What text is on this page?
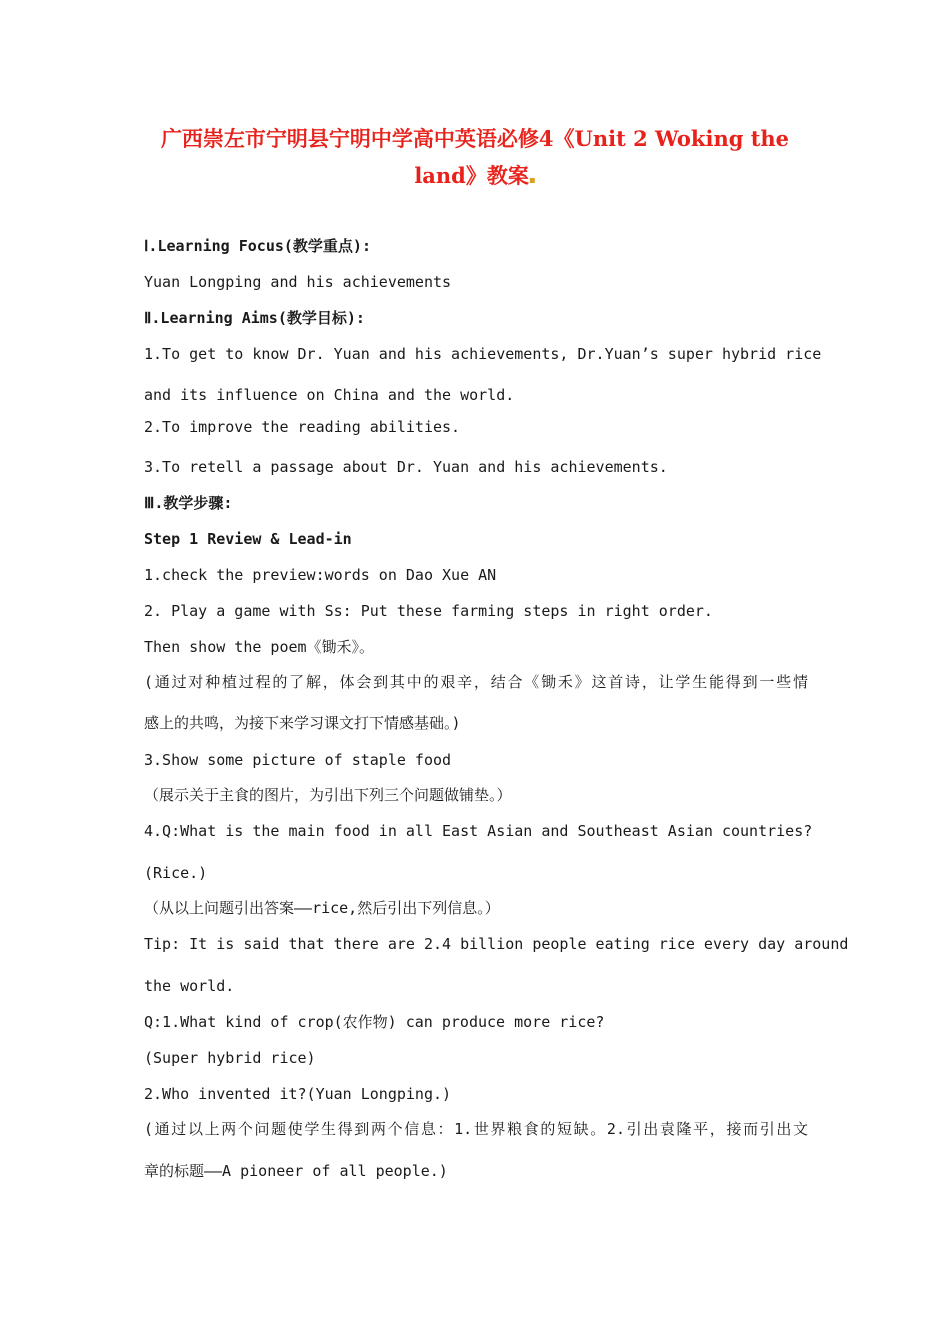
广西崇左市宁明县宁明中学高中英语必修4《Unit 2 Woking the
land》教案▪
Ⅰ.Learning Focus(教学重点):
Yuan Longping and his achievements
Ⅱ.Learning Aims(教学目标):
1.To get to know Dr. Yuan and his achievements, Dr.Yuan’s super hybrid rice
and its influence on China and the world.
2.To improve the reading abilities.
3.To retell a passage about Dr. Yuan and his achievements.
Ⅲ.教学步骤:
Step 1 Review & Lead-in
1.check the preview:words on Dao Xue AN
2. Play a game with Ss: Put these farming steps in right order.
Then show the poem《锄禾》。
(通过对种植过程的了解，体会到其中的艰辛，结合《锄禾》这首诗，让学生能得到一些情
感上的共鸣，为接下来学习课文打下情感基础。)
3.Show some picture of staple food
（展示关于主食的图片，为引出下列三个问题做铺垫。）
4.Q:What is the main food in all East Asian and Southeast Asian countries?
(Rice.)
（从以上问题引出答案——rice,然后引出下列信息。）
Tip: It is said that there are 2.4 billion people eating rice every day around
the world.
Q:1.What kind of crop(农作物) can produce more rice?
(Super hybrid rice)
2.Who invented it?(Yuan Longping.)
(通过以上两个问题使学生得到两个信息：1.世界粮食的短缺。2.引出袁隆平，接而引出文
章的标题——A pioneer of all people.)
